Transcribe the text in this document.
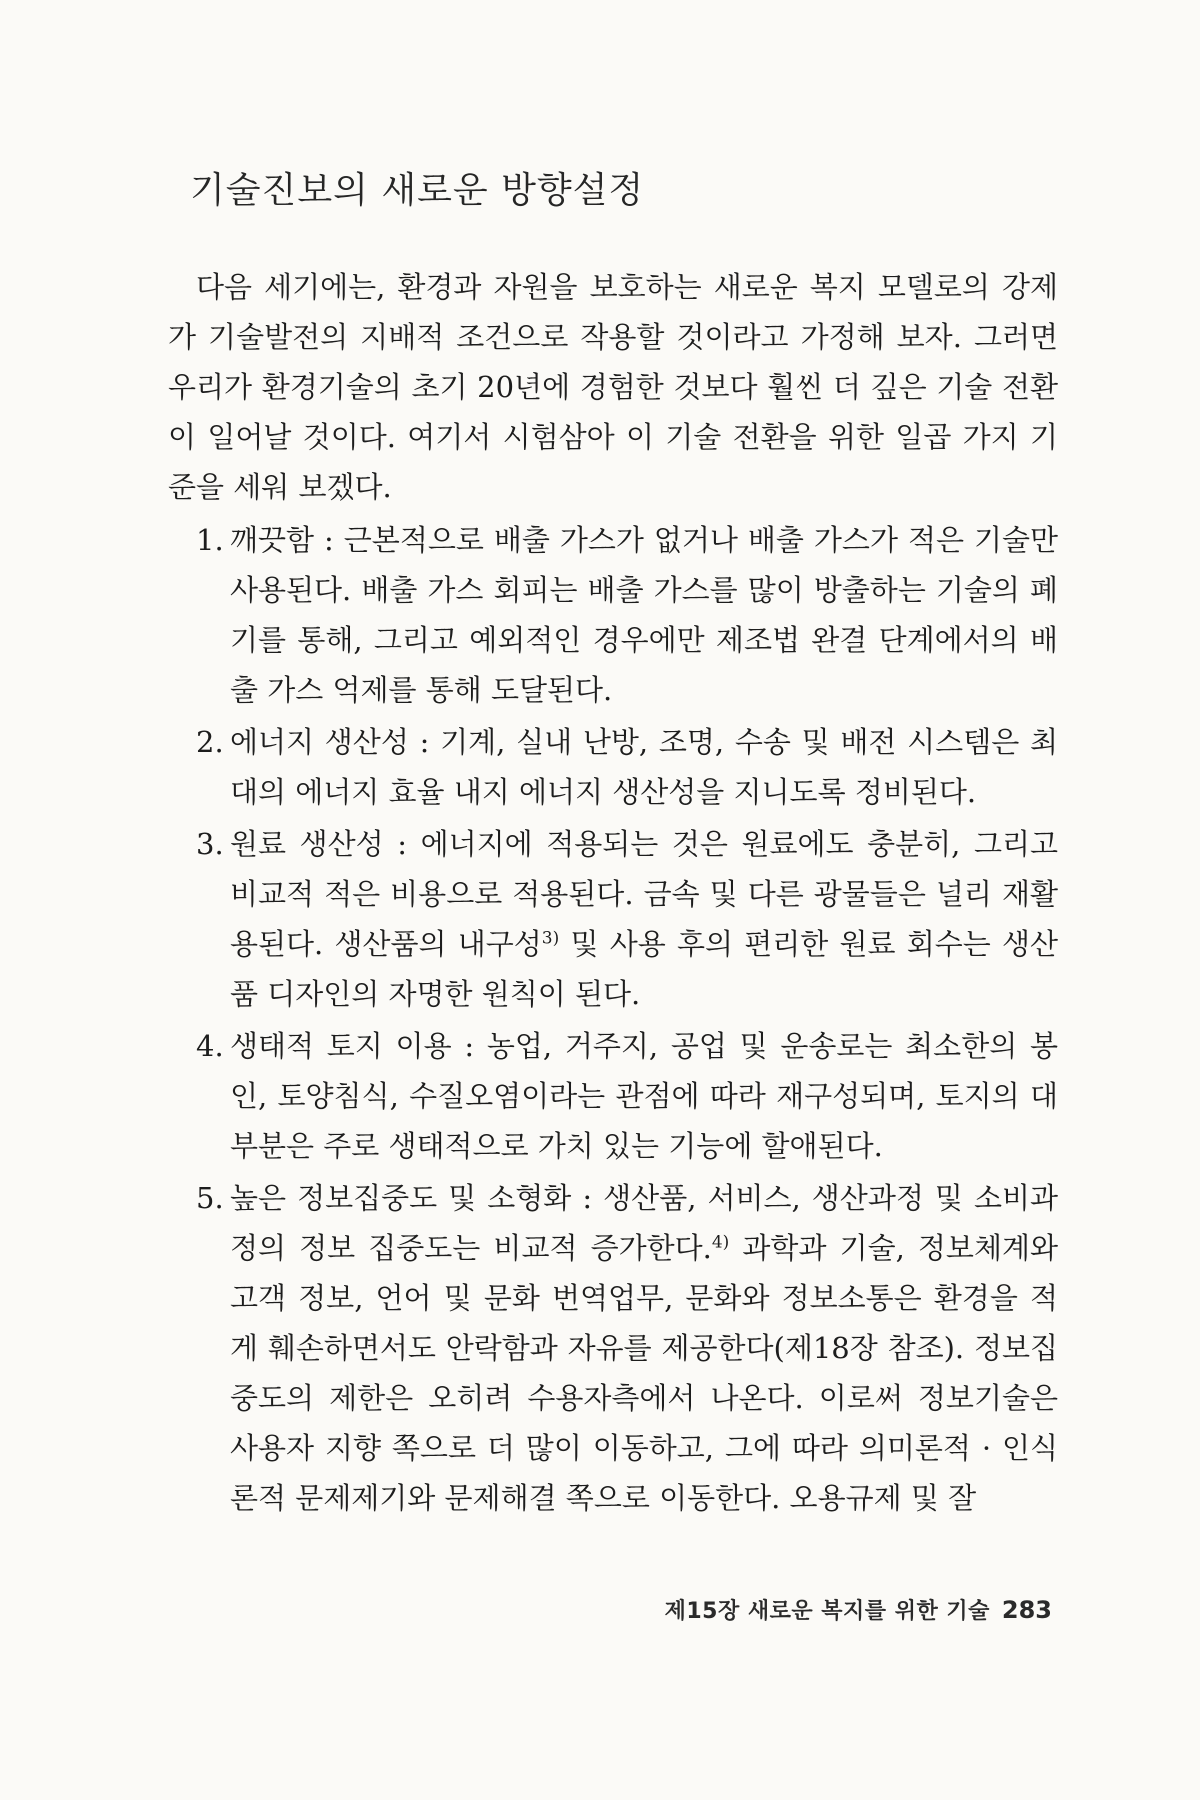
기술진보의 새로운 방향설정

다음 세기에는, 환경과 자원을 보호하는 새로운 복지 모델로의 강제가 기술발전의 지배적 조건으로 작용할 것이라고 가정해 보자. 그러면 우리가 환경기술의 초기 20년에 경험한 것보다 훨씬 더 깊은 기술 전환이 일어날 것이다. 여기서 시험삼아 이 기술 전환을 위한 일곱 가지 기준을 세워 보겠다.

1. 깨끗함 : 근본적으로 배출 가스가 없거나 배출 가스가 적은 기술만 사용된다. 배출 가스 회피는 배출 가스를 많이 방출하는 기술의 폐기를 통해, 그리고 예외적인 경우에만 제조법 완결 단계에서의 배출 가스 억제를 통해 도달된다.
2. 에너지 생산성 : 기계, 실내 난방, 조명, 수송 및 배전 시스템은 최대의 에너지 효율 내지 에너지 생산성을 지니도록 정비된다.
3. 원료 생산성 : 에너지에 적용되는 것은 원료에도 충분히, 그리고 비교적 적은 비용으로 적용된다. 금속 및 다른 광물들은 널리 재활용된다. 생산품의 내구성$^{3)}$ 및 사용 후의 편리한 원료 회수는 생산품 디자인의 자명한 원칙이 된다.
4. 생태적 토지 이용 : 농업, 거주지, 공업 및 운송로는 최소한의 봉인, 토양침식, 수질오염이라는 관점에 따라 재구성되며, 토지의 대부분은 주로 생태적으로 가치 있는 기능에 할애된다.
5. 높은 정보집중도 및 소형화 : 생산품, 서비스, 생산과정 및 소비과정의 정보 집중도는 비교적 증가한다.$^{4)}$ 과학과 기술, 정보체계와 고객 정보, 언어 및 문화 번역업무, 문화와 정보소통은 환경을 적게 훼손하면서도 안락함과 자유를 제공한다(제18장 참조). 정보집중도의 제한은 오히려 수용자측에서 나온다. 이로써 정보기술은 사용자 지향 쪽으로 더 많이 이동하고, 그에 따라 의미론적 · 인식론적 문제제기와 문제해결 쪽으로 이동한다. 오용규제 및 잘
제15장 새로운 복지를 위한 기술 283
